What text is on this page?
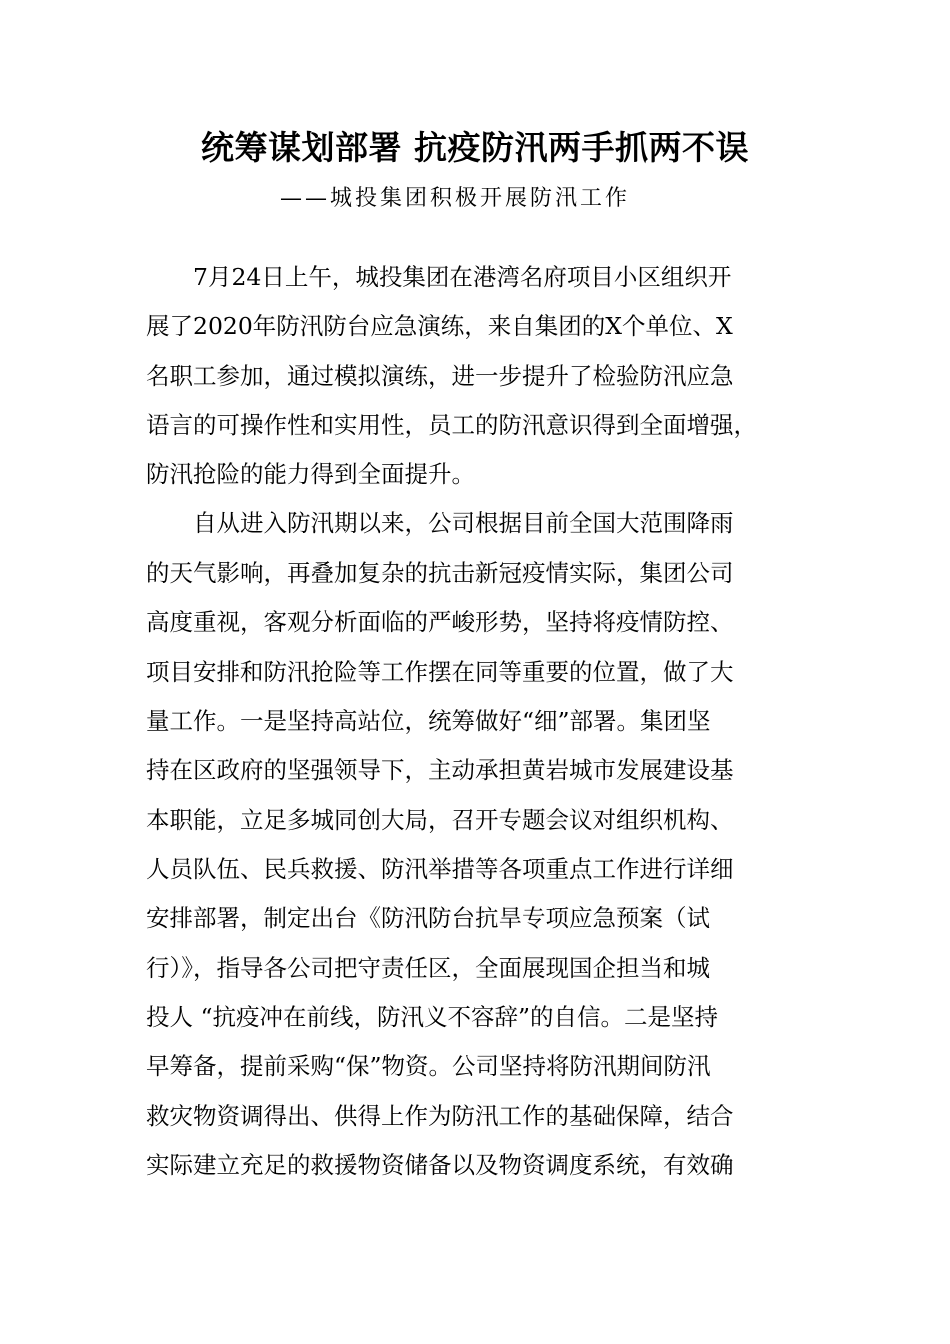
统筹谋划部署 抗疫防汛两手抓两不误
——城投集团积极开展防汛工作
　　7月24日上午，城投集团在港湾名府项目小区组织开
展了2020年防汛防台应急演练，来自集团的X个单位、X
名职工参加，通过模拟演练，进一步提升了检验防汛应急
语言的可操作性和实用性，员工的防汛意识得到全面增强，
防汛抢险的能力得到全面提升。
　　自从进入防汛期以来，公司根据目前全国大范围降雨
的天气影响，再叠加复杂的抗击新冠疫情实际，集团公司
高度重视，客观分析面临的严峻形势，坚持将疫情防控、
项目安排和防汛抢险等工作摆在同等重要的位置，做了大
量工作。一是坚持高站位，统筹做好“细”部署。集团坚
持在区政府的坚强领导下，主动承担黄岩城市发展建设基
本职能，立足多城同创大局，召开专题会议对组织机构、
人员队伍、民兵救援、防汛举措等各项重点工作进行详细
安排部署，制定出台《防汛防台抗旱专项应急预案（试
行）》，指导各公司把守责任区，全面展现国企担当和城
投人 “抗疫冲在前线，防汛义不容辞”的自信。二是坚持
早筹备，提前采购“保”物资。公司坚持将防汛期间防汛
救灾物资调得出、供得上作为防汛工作的基础保障，结合
实际建立充足的救援物资储备以及物资调度系统，有效确
